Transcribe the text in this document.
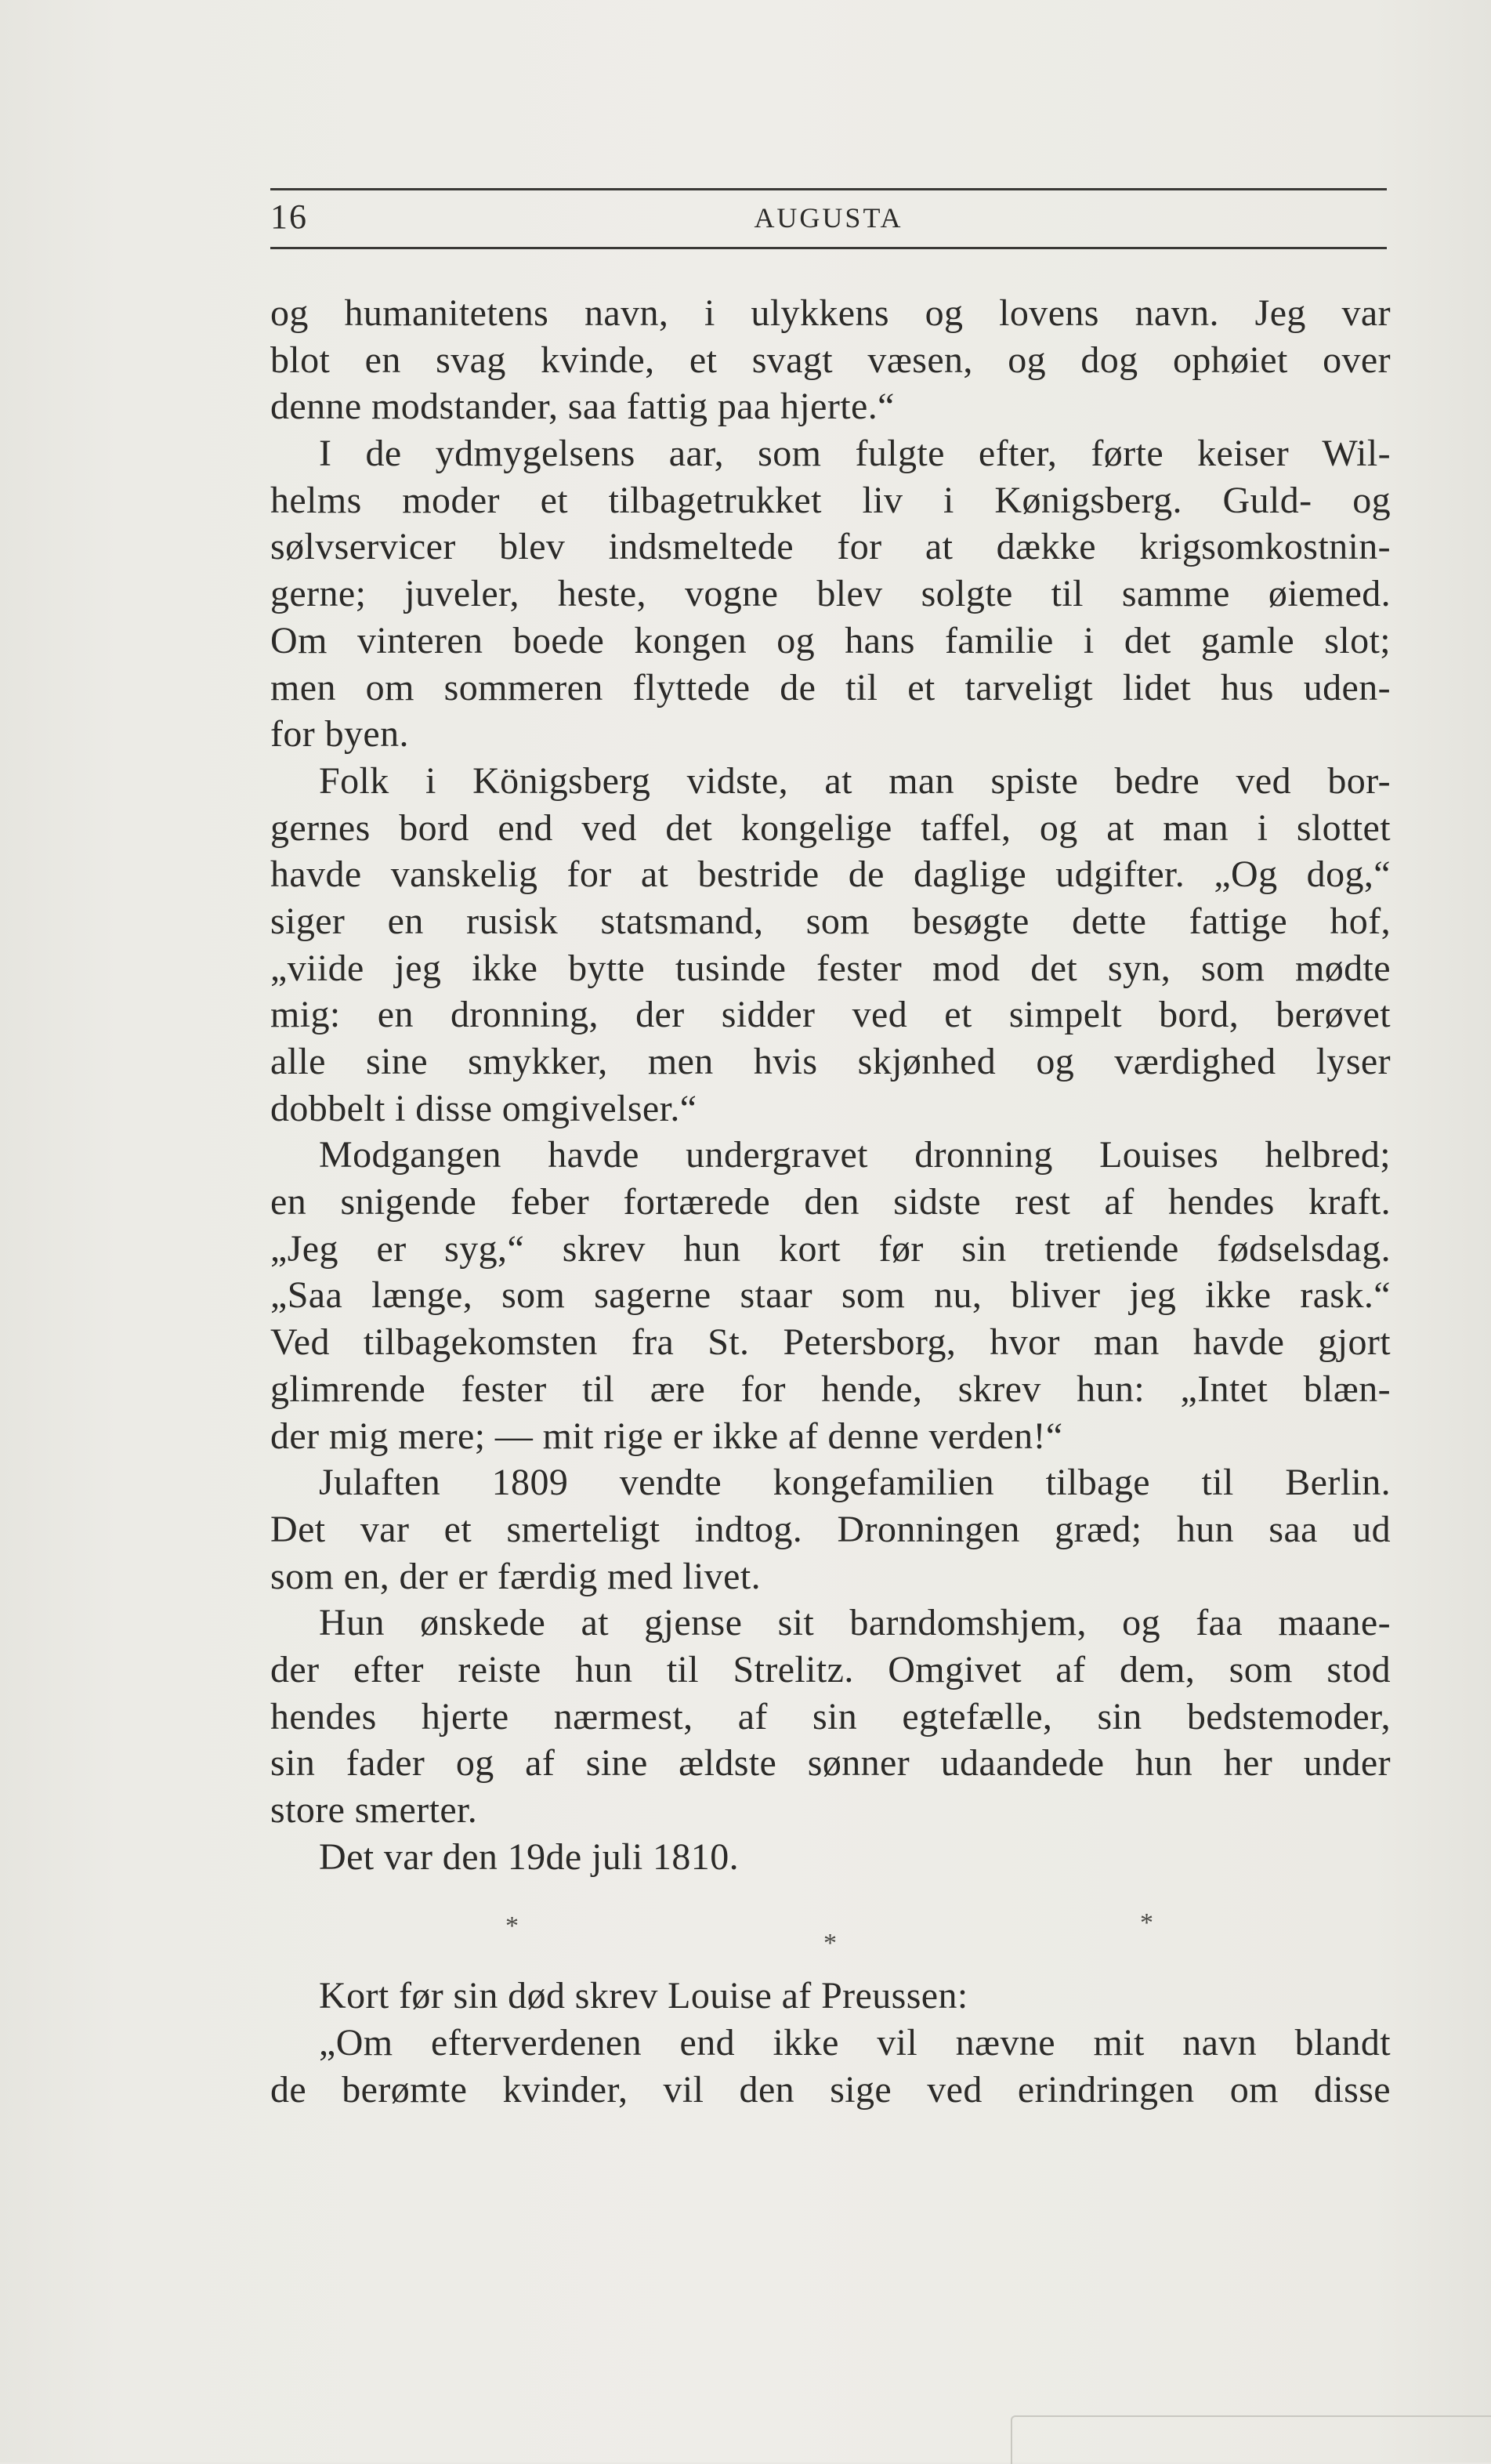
16	AUGUSTA
og humanitetens navn, i ulykkens og lovens navn. Jeg var
blot en svag kvinde, et svagt væsen, og dog ophøiet over
denne modstander, saa fattig paa hjerte.“
I de ydmygelsens aar, som fulgte efter, førte keiser Wil-
helms moder et tilbagetrukket liv i Kønigsberg. Guld- og
sølvservicer blev indsmeltede for at dække krigsomkostnin-
gerne; juveler, heste, vogne blev solgte til samme øiemed.
Om vinteren boede kongen og hans familie i det gamle slot;
men om sommeren flyttede de til et tarveligt lidet hus uden-
for byen.
Folk i Königsberg vidste, at man spiste bedre ved bor-
gernes bord end ved det kongelige taffel, og at man i slottet
havde vanskelig for at bestride de daglige udgifter. „Og dog,“
siger en rusisk statsmand, som besøgte dette fattige hof,
„viide jeg ikke bytte tusinde fester mod det syn, som mødte
mig: en dronning, der sidder ved et simpelt bord, berøvet
alle sine smykker, men hvis skjønhed og værdighed lyser
dobbelt i disse omgivelser.“
Modgangen havde undergravet dronning Louises helbred;
en snigende feber fortærede den sidste rest af hendes kraft.
„Jeg er syg,“ skrev hun kort før sin tretiende fødselsdag.
„Saa længe, som sagerne staar som nu, bliver jeg ikke rask.“
Ved tilbagekomsten fra St. Petersborg, hvor man havde gjort
glimrende fester til ære for hende, skrev hun: „Intet blæn-
der mig mere; — mit rige er ikke af denne verden!“
Julaften 1809 vendte kongefamilien tilbage til Berlin.
Det var et smerteligt indtog. Dronningen græd; hun saa ud
som en, der er færdig med livet.
Hun ønskede at gjense sit barndomshjem, og faa maane-
der efter reiste hun til Strelitz. Omgivet af dem, som stod
hendes hjerte nærmest, af sin egtefælle, sin bedstemoder,
sin fader og af sine ældste sønner udaandede hun her under
store smerter.
Det var den 19de juli 1810.
*
*
*
Kort før sin død skrev Louise af Preussen:
„Om efterverdenen end ikke vil nævne mit navn blandt
de berømte kvinder, vil den sige ved erindringen om disse
